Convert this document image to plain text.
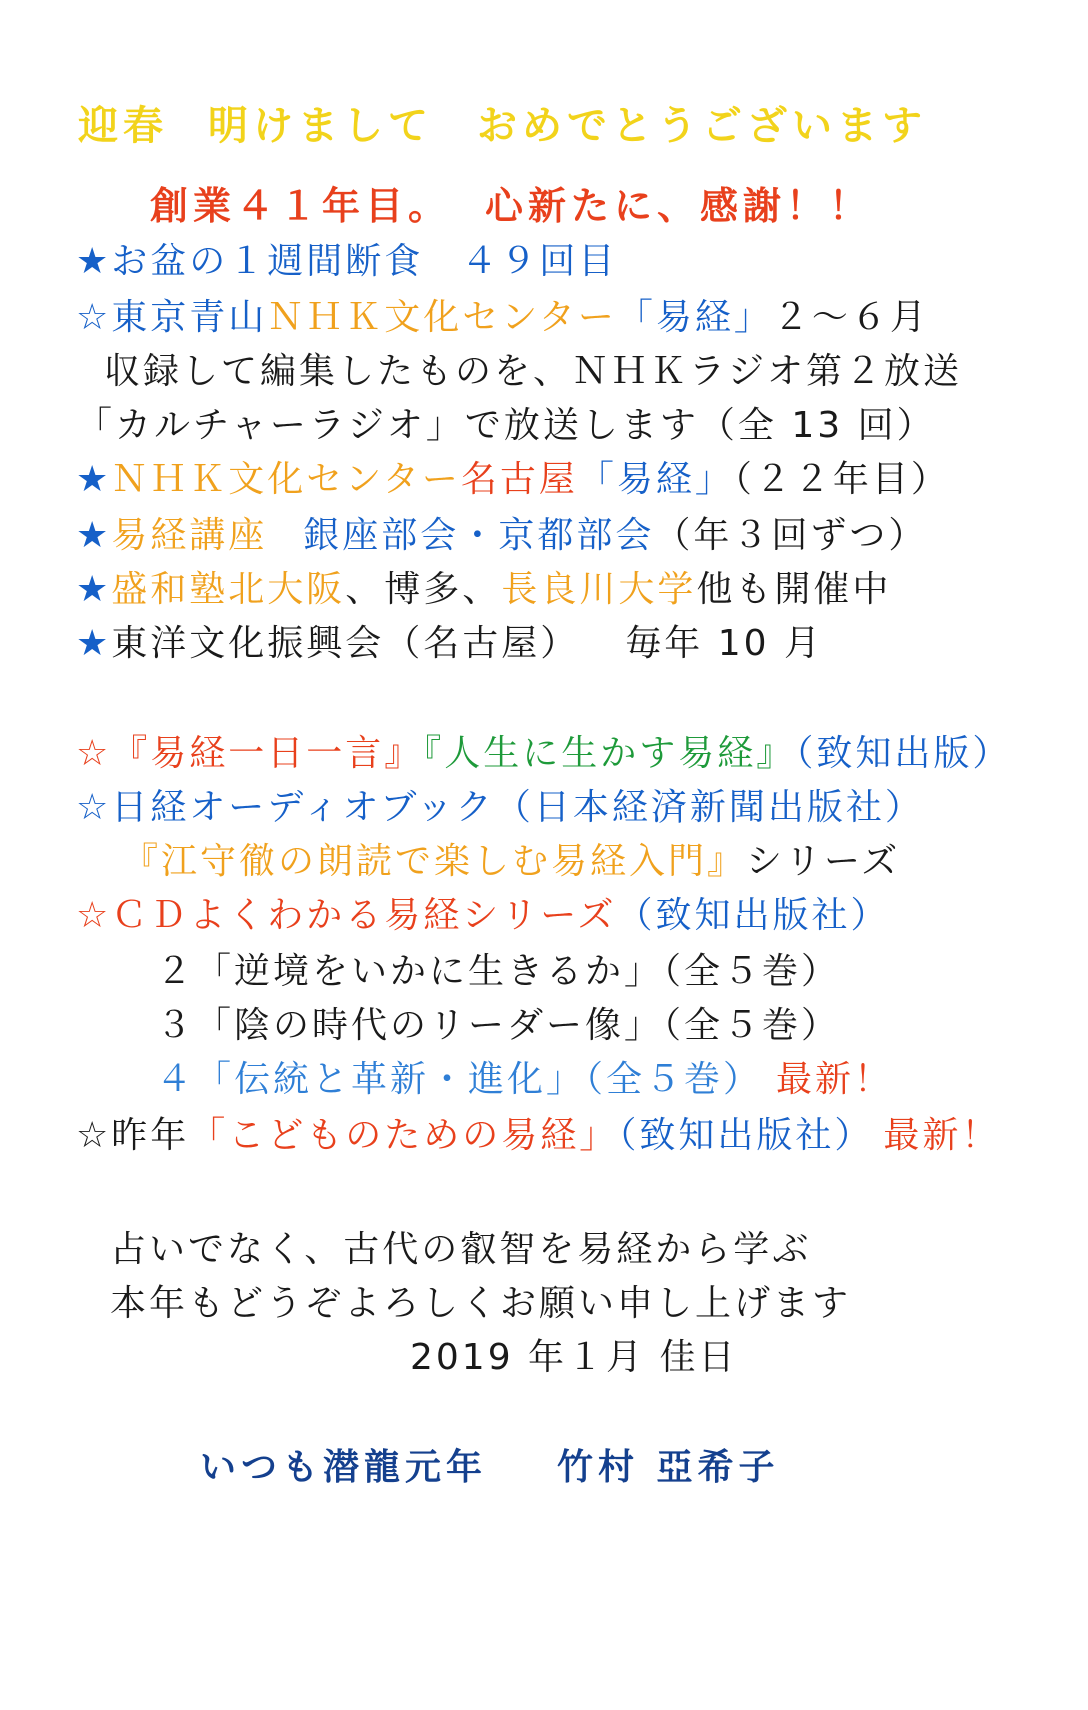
迎春 明けまして おめでとうございます
創業４１年目。 心新たに、感謝！！
★お盆の１週間断食 ４９回目
☆東京青山ＮＨＫ文化センター「易経」２～６月
収録して編集したものを、ＮＨＫラジオ第２放送
「カルチャーラジオ」で放送します（全 13 回）
★ＮＨＫ文化センター名古屋「易経」（２２年目）
★易経講座 銀座部会・京都部会（年３回ずつ）
★盛和塾北大阪、博多、長良川大学他も開催中
★東洋文化振興会（名古屋） 毎年 10 月
☆『易経一日一言』『人生に生かす易経』（致知出版）
☆日経オーディオブック（日本経済新聞出版社）
『江守徹の朗読で楽しむ易経入門』シリーズ
☆ＣＤよくわかる易経シリーズ（致知出版社）
２「逆境をいかに生きるか」（全５巻）
３「陰の時代のリーダー像」（全５巻）
４「伝統と革新・進化」（全５巻） 最新！
☆昨年「こどものための易経」（致知出版社） 最新！
占いでなく、古代の叡智を易経から学ぶ
本年もどうぞよろしくお願い申し上げます
2019 年１月 佳日
いつも潜龍元年 竹村 亞希子
